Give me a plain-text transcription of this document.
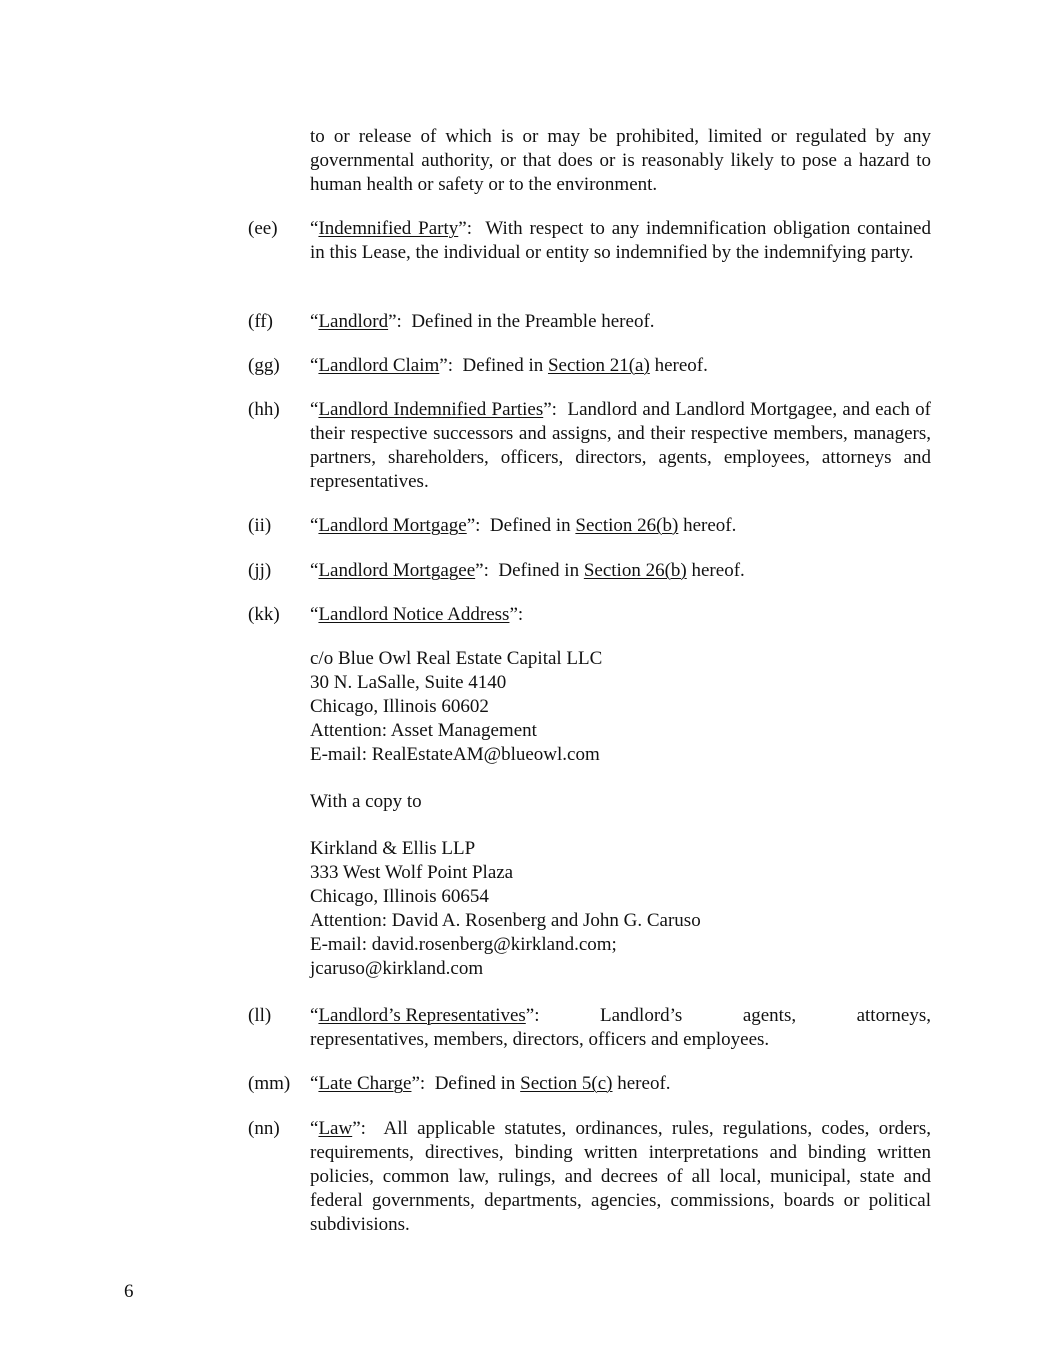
to or release of which is or may be prohibited, limited or regulated by any governmental authority, or that does or is reasonably likely to pose a hazard to human health or safety or to the environment.
(ee)	“Indemnified Party”: With respect to any indemnification obligation contained in this Lease, the individual or entity so indemnified by the indemnifying party.
(ff)	“Landlord”: Defined in the Preamble hereof.
(gg)	“Landlord Claim”: Defined in Section 21(a) hereof.
(hh)	“Landlord Indemnified Parties”: Landlord and Landlord Mortgagee, and each of their respective successors and assigns, and their respective members, managers, partners, shareholders, officers, directors, agents, employees, attorneys and representatives.
(ii)	“Landlord Mortgage”: Defined in Section 26(b) hereof.
(jj)	“Landlord Mortgagee”: Defined in Section 26(b) hereof.
(kk)	“Landlord Notice Address”:
c/o Blue Owl Real Estate Capital LLC
30 N. LaSalle, Suite 4140
Chicago, Illinois 60602
Attention: Asset Management
E-mail: RealEstateAM@blueowl.com
With a copy to
Kirkland & Ellis LLP
333 West Wolf Point Plaza
Chicago, Illinois 60654
Attention: David A. Rosenberg and John G. Caruso
E-mail: david.rosenberg@kirkland.com;
jcaruso@kirkland.com
(ll)	“Landlord’s Representatives”:	Landlord’s	agents,	attorneys,
representatives, members, directors, officers and employees.
(mm)	“Late Charge”: Defined in Section 5(c) hereof.
(nn)	“Law”: All applicable statutes, ordinances, rules, regulations, codes, orders, requirements, directives, binding written interpretations and binding written policies, common law, rulings, and decrees of all local, municipal, state and federal governments, departments, agencies, commissions, boards or political subdivisions.
6
